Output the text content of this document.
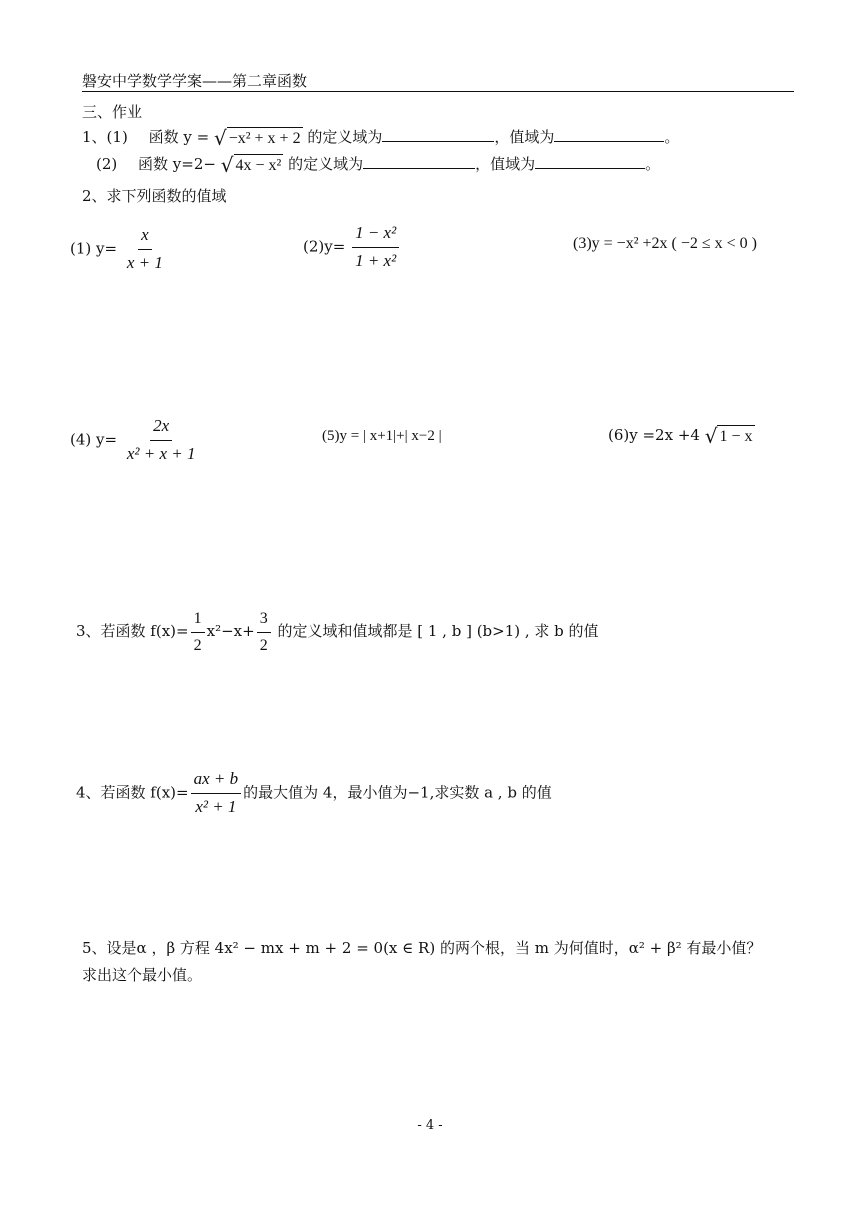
磐安中学数学学案——第二章函数
三、作业
1、(1) 函数 y = √ −x² + x + 2 的定义域为	，值域为	。
(2) 函数 y=2− √ 4x − x² 的定义域为	，值域为	。
2、求下列函数的值域
(1) $y= \frac{x}{x + 1}$	$(2)y= \frac{\text{1 − x²}}{\text{1 + x²}}$	(3)y = −x² +2x ( −2 ≤ x < 0 )
(4) $y= \frac{2x}{\text{x² + x + 1}}$	(5)y = | x+1|+| x−2 |	(6)y =2x +4 √ 1 − x
3、若函数 $f(x)= \frac{1}{2} x^2-x+ \frac{3}{2}$ 的定义域和值域都是 [ 1 , b ] (b>1) , 求 b 的值
4、若函数 $f(x)= \frac{ax + b}{\text{x² + 1}}$ 的最大值为 4，最小值为−1,求实数 a , b 的值
5、设是α ，β 方程 4x² − mx + m + 2 = 0(x ∈ R) 的两个根，当 m 为何值时，α² + β² 有最小值？
求出这个最小值。
- 4 -
